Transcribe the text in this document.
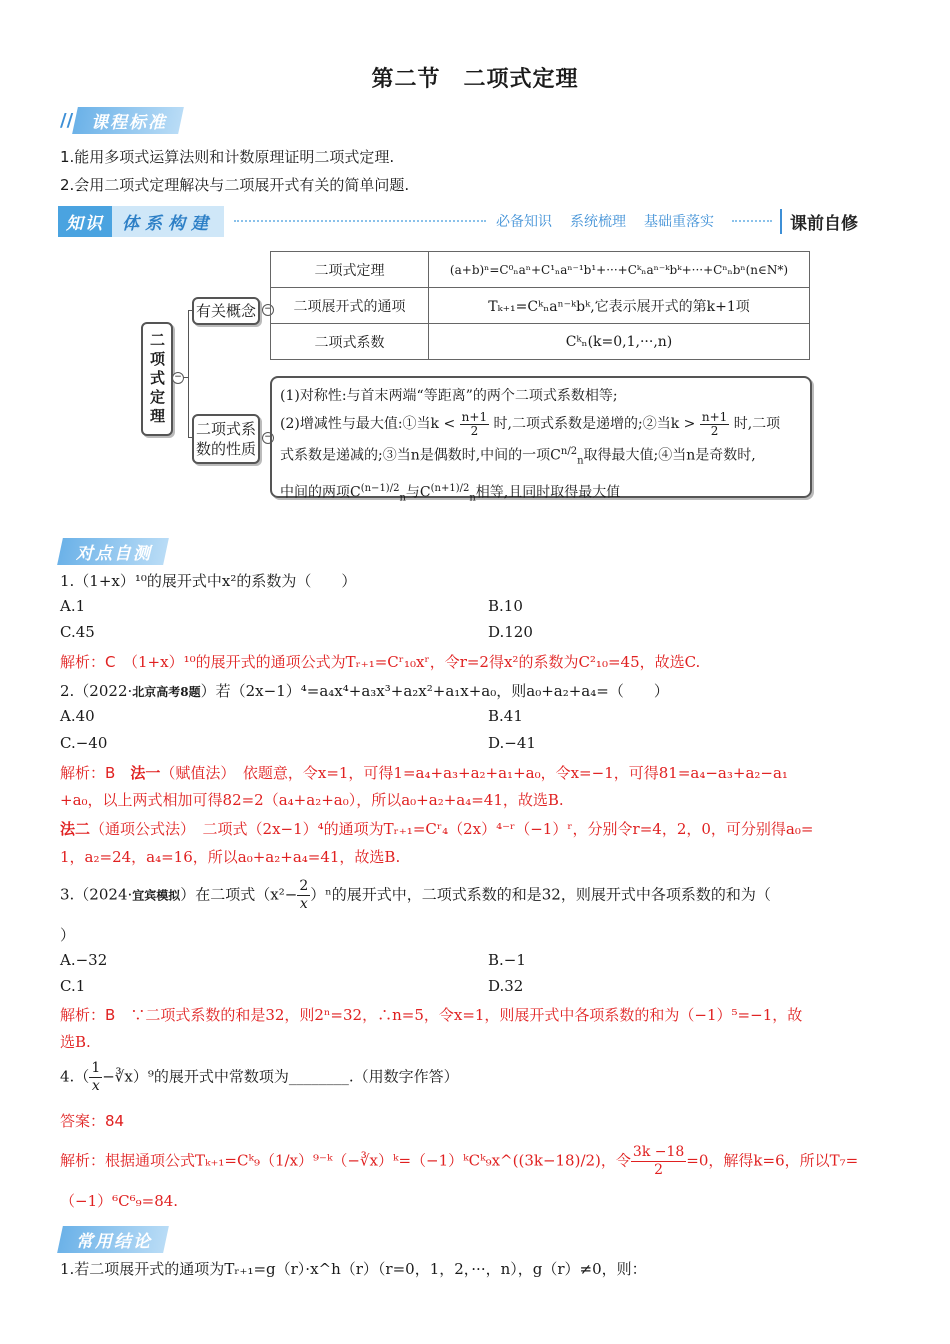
第二节　二项式定理
//	课程标准
1.能用多项式运算法则和计数原理证明二项式定理.
2.会用二项式定理解决与二项展开式有关的简单问题.
知识	体系构建	必备知识 系统梳理 基础重落实	课前自修
二项式定理 −
有关概念 −
二项式系
数的性质
−
二项式定理	(a+b)ⁿ=C⁰ₙaⁿ+C¹ₙaⁿ⁻¹b¹+···+Cᵏₙaⁿ⁻ᵏbᵏ+···+Cⁿₙbⁿ(n∈N*)
二项展开式的通项	Tₖ₊₁=Cᵏₙaⁿ⁻ᵏbᵏ,它表示展开式的第k+1项
二项式系数	Cᵏₙ(k=0,1,···,n)
(1)对称性:与首末两端“等距离”的两个二项式系数相等;
(2)增减性与最大值:①当$k < \frac{n+1}{2}$ 时,二项式系数是递增的;②当$k > \frac{n+1}{2}$ 时,二项
式系数是递减的;③当n是偶数时,中间的一项$C^{n/2}_n$取得最大值;④当n是奇数时,
中间的两项$C^{(n-1)/2}_n$与$C^{(n+1)/2}_n$相等,且同时取得最大值
对点自测
1.（1+x）¹⁰的展开式中x²的系数为（　　）
A.1	B.10
C.45	D.120
解析：C　 （1+x）¹⁰的展开式的通项公式为Tᵣ₊₁=Cʳ₁₀xʳ，令r=2得x²的系数为C²₁₀=45，故选C.
2.（2022·北京高考8题）若（2x−1）⁴=a₄x⁴+a₃x³+a₂x²+a₁x+a₀，则a₀+a₂+a₄=（　　）
A.40	B.41
C.−40	D.−41
解析：B　 法一（赋值法）　 依题意，令x=1，可得1=a₄+a₃+a₂+a₁+a₀，令x=−1，可得81=a₄−a₃+a₂−a₁
+a₀，以上两式相加可得82=2（a₄+a₂+a₀），所以a₀+a₂+a₄=41，故选B.
法二（通项公式法）　 二项式（2x−1）⁴的通项为Tᵣ₊₁=Cʳ₄（2x）⁴⁻ʳ（−1）ʳ，分别令r=4，2，0，可分别得a₀=
1，a₂=24，a₄=16，所以a₀+a₂+a₄=41，故选B.
3.（2024·宜宾模拟）在二项式$(x^2- \frac{2}{x} )^n$的展开式中，二项式系数的和是32，则展开式中各项系数的和为（
）
A.−32	B.−1
C.1	D.32
解析：B　 ∵二项式系数的和是32，则2ⁿ=32，∴n=5，令x=1，则展开式中各项系数的和为（−1）⁵=−1，故
选B.
$4.( \frac{1}{x}$ −∛x）⁹的展开式中常数项为________.（用数字作答）
答案：84
解析：根据通项公式Tₖ₊₁=Cᵏ₉（1/x）⁹⁻ᵏ（−∛x）ᵏ=（−1）ᵏCᵏ₉x^((3k−18)/2)，令 $\frac{3k -18}{2} =0$，解得k=6，所以T₇=
（−1）⁶C⁶₉=84.
常用结论
1.若二项展开式的通项为Tᵣ₊₁=g（r）·x^h（r）（r=0，1，2，···，n），g（r）≠0，则：
